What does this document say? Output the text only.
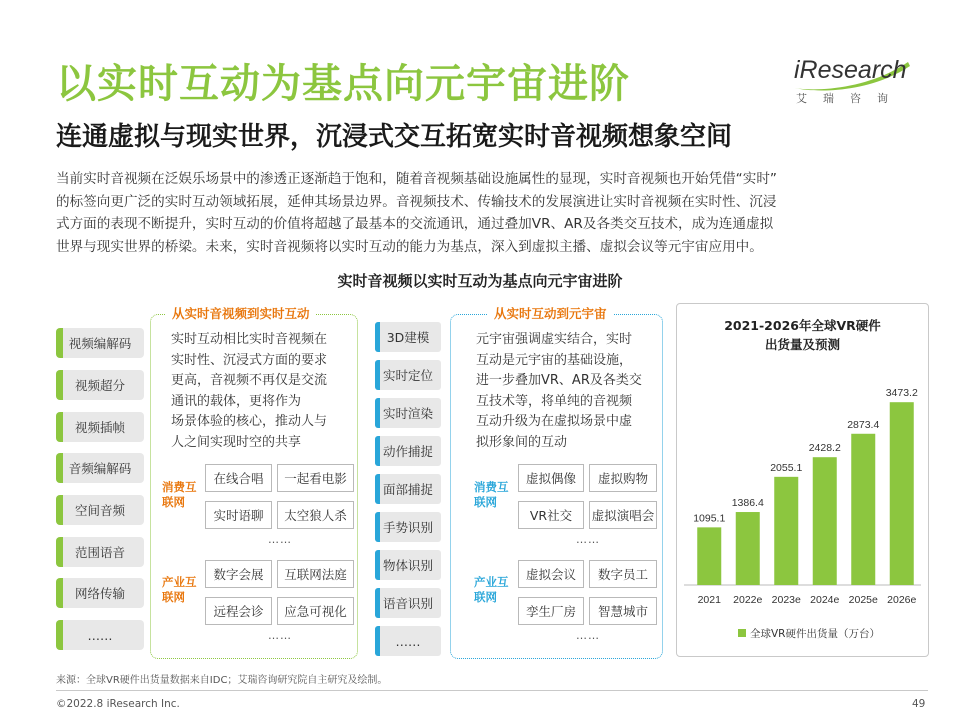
以实时互动为基点向元宇宙进阶
连通虚拟与现实世界，沉浸式交互拓宽实时音视频想象空间
iResearch
艾瑞咨询

当前实时音视频在泛娱乐场景中的渗透正逐渐趋于饱和，随着音视频基础设施属性的显现，实时音视频也开始凭借“实时”

的标签向更广泛的实时互动领域拓展，延伸其场景边界。音视频技术、传输技术的发展演进让实时音视频在实时性、沉浸

式方面的表现不断提升，实时互动的价值将超越了最基本的交流通讯，通过叠加VR、AR及各类交互技术，成为连通虚拟

世界与现实世界的桥梁。未来，实时音视频将以实时互动的能力为基点，深入到虚拟主播、虚拟会议等元宇宙应用中。

实时音视频以实时互动为基点向元宇宙进阶
视频编解码
视频超分
视频插帧
音频编解码
空间音频
范围语音
网络传输
……
从实时音视频到实时互动

实时互动相比实时音视频在

实时性、沉浸式方面的要求

更高，音视频不再仅是交流

通讯的载体，更将作为

场景体验的核心，推动人与

人之间实现时空的共享

消费互联网
在线合唱	一起看电影
实时语聊	太空狼人杀
……
产业互联网
数字会展	互联网法庭
远程会诊	应急可视化
……
3D建模
实时定位
实时渲染
动作捕捉
面部捕捉
手势识别
物体识别
语音识别
……
从实时互动到元宇宙

元宇宙强调虚实结合，实时

互动是元宇宙的基础设施，

进一步叠加VR、AR及各类交

互技术等，将单纯的音视频

互动升级为在虚拟场景中虚

拟形象间的互动

消费互联网
虚拟偶像	虚拟购物
VR社交	虚拟演唱会
……
产业互联网
虚拟会议	数字员工
孪生厂房	智慧城市
……

2021-2026年全球VR硬件

出货量及预测

1095.1
2021
1386.4
2022e
2055.1
2023e
2428.2
2024e
2873.4
2025e
3473.2
2026e
全球VR硬件出货量（万台）
来源：全球VR硬件出货量数据来自IDC；艾瑞咨询研究院自主研究及绘制。
©2022.8 iResearch Inc.	49
